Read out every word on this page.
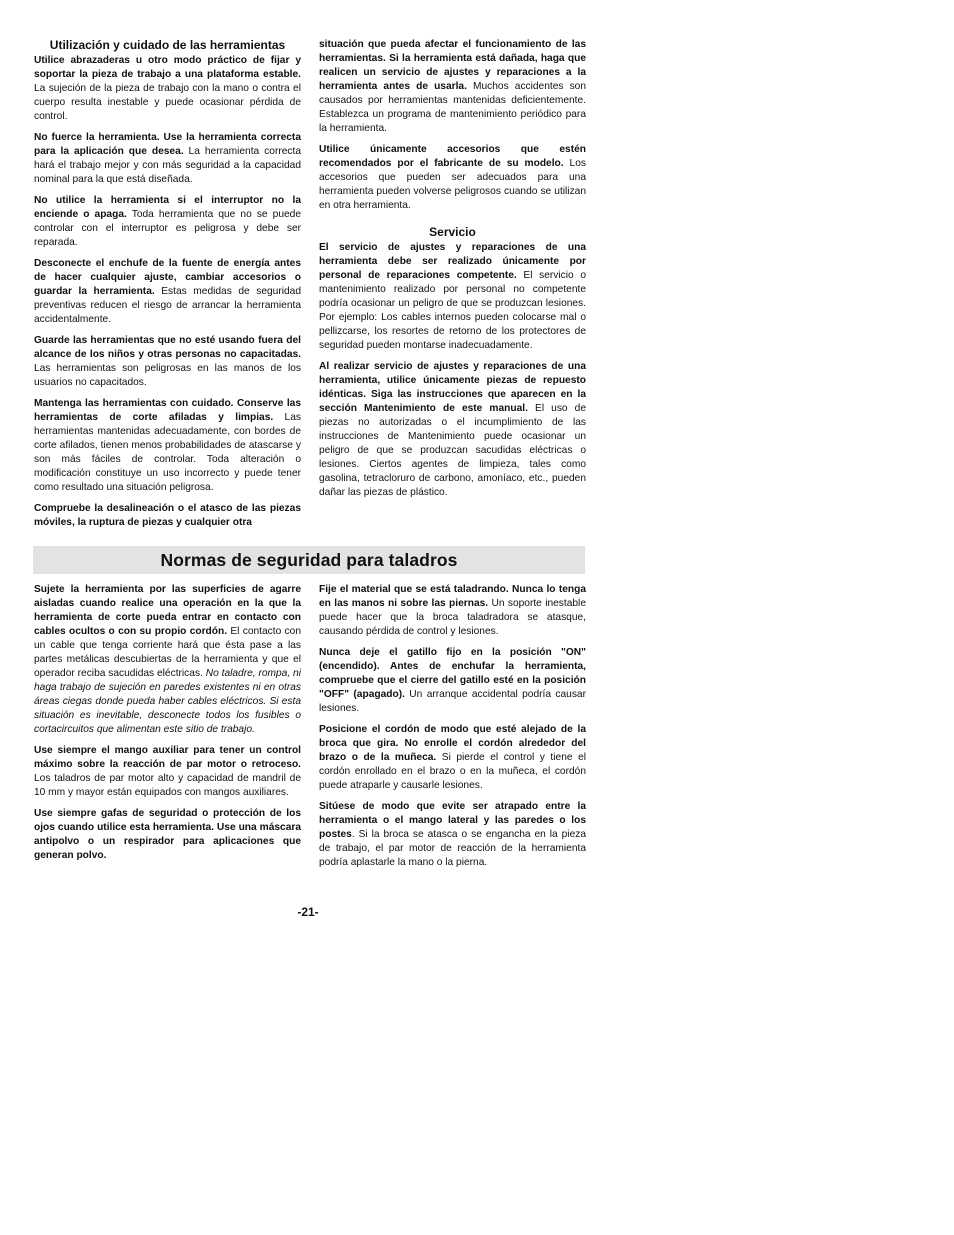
Utilización y cuidado de las herramientas

Utilice abrazaderas u otro modo práctico de fijar y soportar la pieza de trabajo a una plataforma estable. La sujeción de la pieza de trabajo con la mano o contra el cuerpo resulta inestable y puede ocasionar pérdida de control.

No fuerce la herramienta. Use la herramienta correcta para la aplicación que desea. La herramienta correcta hará el trabajo mejor y con más seguridad a la capacidad nominal para la que está diseñada.

No utilice la herramienta si el interruptor no la enciende o apaga. Toda herramienta que no se puede controlar con el interruptor es peligrosa y debe ser reparada.

Desconecte el enchufe de la fuente de energía antes de hacer cualquier ajuste, cambiar accesorios o guardar la herramienta. Estas medidas de seguridad preventivas reducen el riesgo de arrancar la herramienta accidentalmente.

Guarde las herramientas que no esté usando fuera del alcance de los niños y otras personas no capacitadas. Las herramientas son peligrosas en las manos de los usuarios no capacitados.

Mantenga las herramientas con cuidado. Conserve las herramientas de corte afiladas y limpias. Las herramientas mantenidas adecuadamente, con bordes de corte afilados, tienen menos probabilidades de atascarse y son más fáciles de controlar. Toda alteración o modificación constituye un uso incorrecto y puede tener como resultado una situación peligrosa.

Compruebe la desalineación o el atasco de las piezas móviles, la ruptura de piezas y cualquier otra

situación que pueda afectar el funcionamiento de las herramientas. Si la herramienta está dañada, haga que realicen un servicio de ajustes y reparaciones a la herramienta antes de usarla. Muchos accidentes son causados por herramientas mantenidas deficientemente. Establezca un programa de mantenimiento periódico para la herramienta.

Utilice únicamente accesorios que estén recomendados por el fabricante de su modelo. Los accesorios que pueden ser adecuados para una herramienta pueden volverse peligrosos cuando se utilizan en otra herramienta.

Servicio

El servicio de ajustes y reparaciones de una herramienta debe ser realizado únicamente por personal de reparaciones competente. El servicio o mantenimiento realizado por personal no competente podría ocasionar un peligro de que se produzcan lesiones. Por ejemplo: Los cables internos pueden colocarse mal o pellizcarse, los resortes de retorno de los protectores de seguridad pueden montarse inadecuadamente.

Al realizar servicio de ajustes y reparaciones de una herramienta, utilice únicamente piezas de repuesto idénticas. Siga las instrucciones que aparecen en la sección Mantenimiento de este manual. El uso de piezas no autorizadas o el incumplimiento de las instrucciones de Mantenimiento puede ocasionar un peligro de que se produzcan sacudidas eléctricas o lesiones. Ciertos agentes de limpieza, tales como gasolina, tetracloruro de carbono, amoníaco, etc., pueden dañar las piezas de plástico.

Normas de seguridad para taladros

Sujete la herramienta por las superficies de agarre aisladas cuando realice una operación en la que la herramienta de corte pueda entrar en contacto con cables ocultos o con su propio cordón. El contacto con un cable que tenga corriente hará que ésta pase a las partes metálicas descubiertas de la herramienta y que el operador reciba sacudidas eléctricas. No taladre, rompa, ni haga trabajo de sujeción en paredes existentes ni en otras áreas ciegas donde pueda haber cables eléctricos. Si esta situación es inevitable, desconecte todos los fusibles o cortacircuitos que alimentan este sitio de trabajo.

Use siempre el mango auxiliar para tener un control máximo sobre la reacción de par motor o retroceso. Los taladros de par motor alto y capacidad de mandril de 10 mm y mayor están equipados con mangos auxiliares.

Use siempre gafas de seguridad o protección de los ojos cuando utilice esta herramienta. Use una máscara antipolvo o un respirador para aplicaciones que generan polvo.

Fije el material que se está taladrando. Nunca lo tenga en las manos ni sobre las piernas. Un soporte inestable puede hacer que la broca taladradora se atasque, causando pérdida de control y lesiones.

Nunca deje el gatillo fijo en la posición "ON" (encendido). Antes de enchufar la herramienta, compruebe que el cierre del gatillo esté en la posición "OFF" (apagado). Un arranque accidental podría causar lesiones.

Posicione el cordón de modo que esté alejado de la broca que gira. No enrolle el cordón alrededor del brazo o de la muñeca. Si pierde el control y tiene el cordón enrollado en el brazo o en la muñeca, el cordón puede atraparle y causarle lesiones.

Sitúese de modo que evite ser atrapado entre la herramienta o el mango lateral y las paredes o los postes. Si la broca se atasca o se engancha en la pieza de trabajo, el par motor de reacción de la herramienta podría aplastarle la mano o la pierna.

-21-
